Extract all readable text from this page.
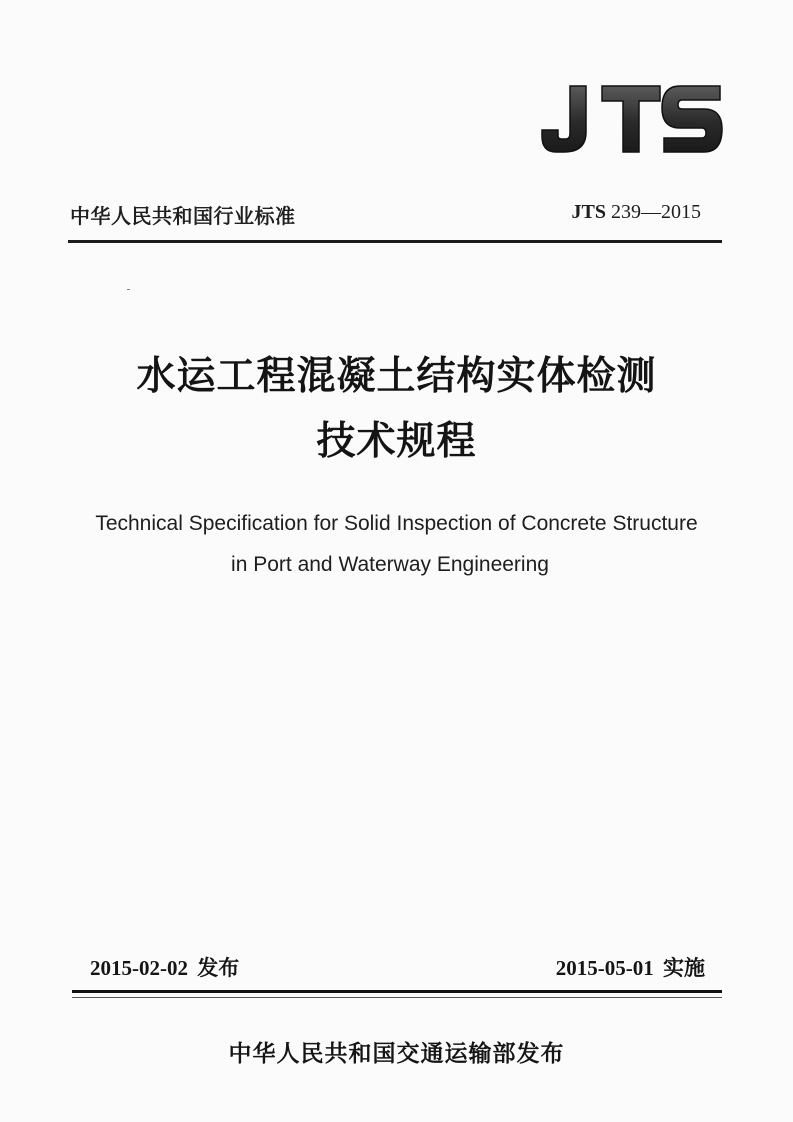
中华人民共和国行业标准	JTS 239—2015
水运工程混凝土结构实体检测
技术规程
Technical Specification for Solid Inspection of Concrete Structure
in Port and Waterway Engineering
2015-02-02 发布	2015-05-01 实施
中华人民共和国交通运输部发布
